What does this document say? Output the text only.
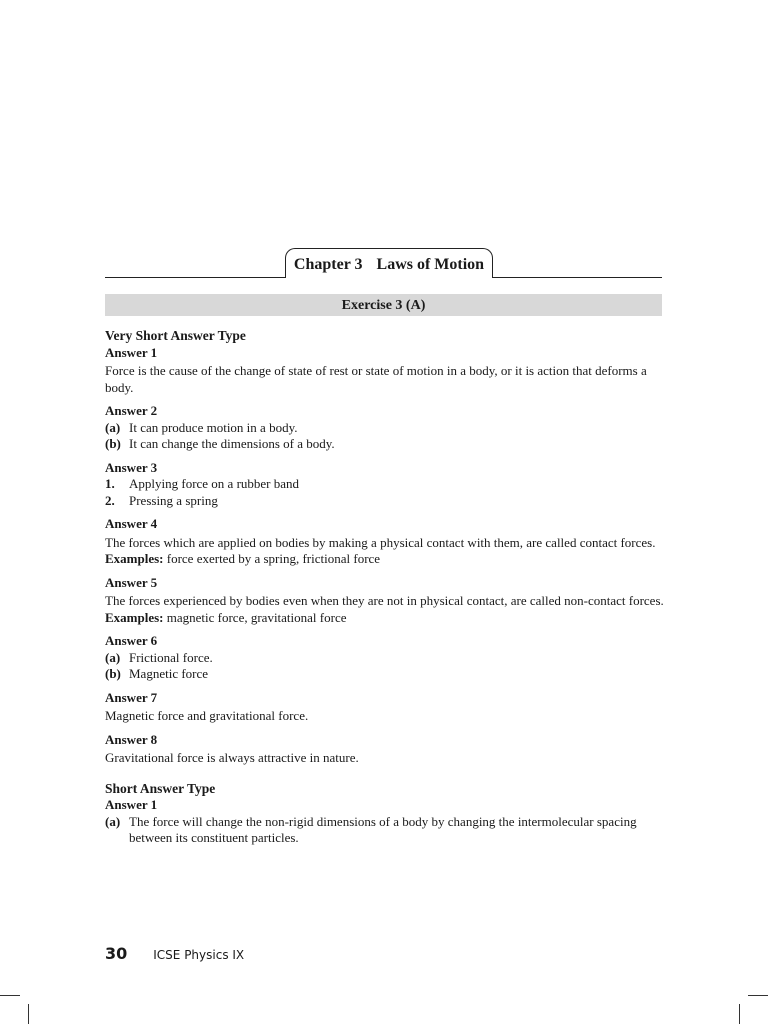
Chapter 3 Laws of Motion
Exercise 3 (A)
Very Short Answer Type
Answer 1
Force is the cause of the change of state of rest or state of motion in a body, or it is action that deforms a body.
Answer 2
(a) It can produce motion in a body.
(b) It can change the dimensions of a body.
Answer 3
1.	Applying force on a rubber band
2.	Pressing a spring
Answer 4
The forces which are applied on bodies by making a physical contact with them, are called contact forces.
Examples: force exerted by a spring, frictional force
Answer 5
The forces experienced by bodies even when they are not in physical contact, are called non-contact forces.
Examples: magnetic force, gravitational force
Answer 6
(a) Frictional force.
(b) Magnetic force
Answer 7
Magnetic force and gravitational force.
Answer 8
Gravitational force is always attractive in nature.
Short Answer Type
Answer 1
(a) The force will change the non-rigid dimensions of a body by changing the intermolecular spacing between its constituent particles.
30 ICSE Physics IX
